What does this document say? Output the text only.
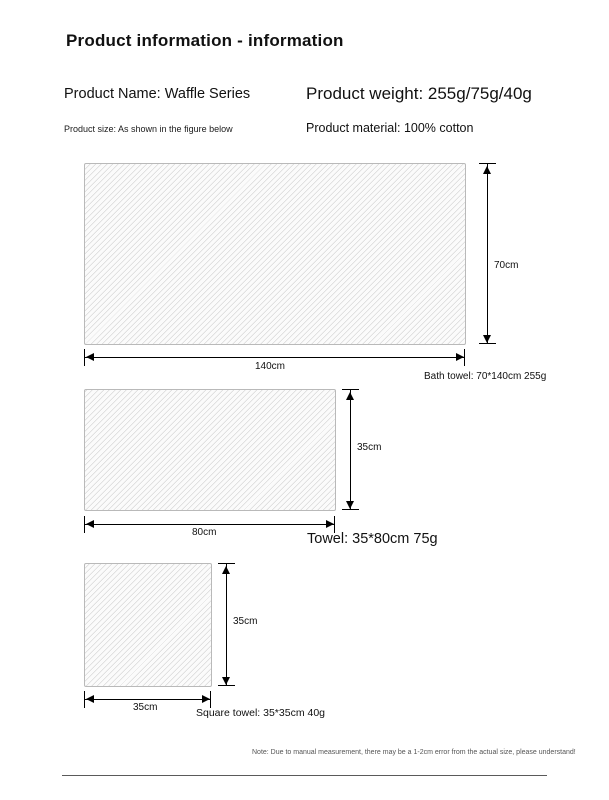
Product information - information
Product Name: Waffle Series	Product weight: 255g/75g/40g
Product size: As shown in the figure below	Product material: 100% cotton
70cm
140cm
Bath towel: 70*140cm 255g
35cm
80cm	Towel: 35*80cm 75g
35cm
35cm	Square towel: 35*35cm 40g
Note: Due to manual measurement, there may be a 1-2cm error from the actual size, please understand!
